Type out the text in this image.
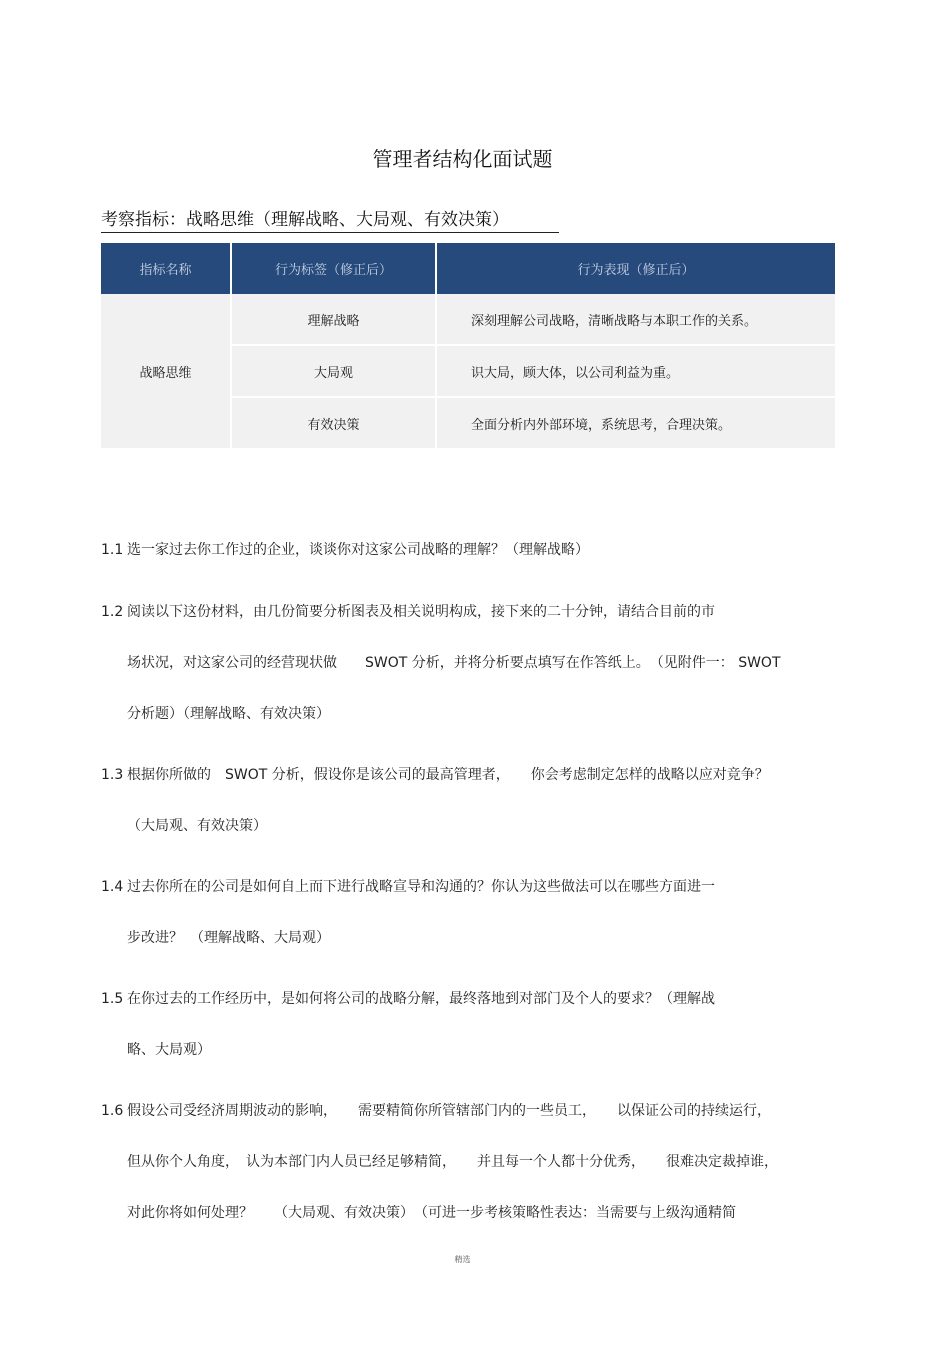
管理者结构化面试题
考察指标：战略思维（理解战略、大局观、有效决策）
指标名称	行为标签（修正后）	行为表现（修正后）
战略思维	理解战略	深刻理解公司战略，清晰战略与本职工作的关系。
	大局观	识大局，顾大体，以公司利益为重。
	有效决策	全面分析内外部环境，系统思考，合理决策。
1.1 选一家过去你工作过的企业，谈谈你对这家公司战略的理解？（理解战略）
1.2 阅读以下这份材料，由几份简要分析图表及相关说明构成，接下来的二十分钟，请结合目前的市
场状况，对这家公司的经营现状做　　SWOT 分析，并将分析要点填写在作答纸上。　（见附件一： SWOT
分析题）（理解战略、有效决策）
1.3 根据你所做的　SWOT 分析，假设你是该公司的最高管理者，　　你会考虑制定怎样的战略以应对竞争？
（大局观、有效决策）
1.4 过去你所在的公司是如何自上而下进行战略宣导和沟通的？你认为这些做法可以在哪些方面进一
步改进？　（理解战略、大局观）
1.5 在你过去的工作经历中，是如何将公司的战略分解，最终落地到对部门及个人的要求？（理解战
略、大局观）
1.6 假设公司受经济周期波动的影响，　　需要精简你所管辖部门内的一些员工，　　以保证公司的持续运行，
但从你个人角度，　认为本部门内人员已经足够精简，　　并且每一个人都十分优秀，　　很难决定裁掉谁，
对此你将如何处理？　　（大局观、有效决策）　（可进一步考核策略性表达：当需要与上级沟通精简
精选
